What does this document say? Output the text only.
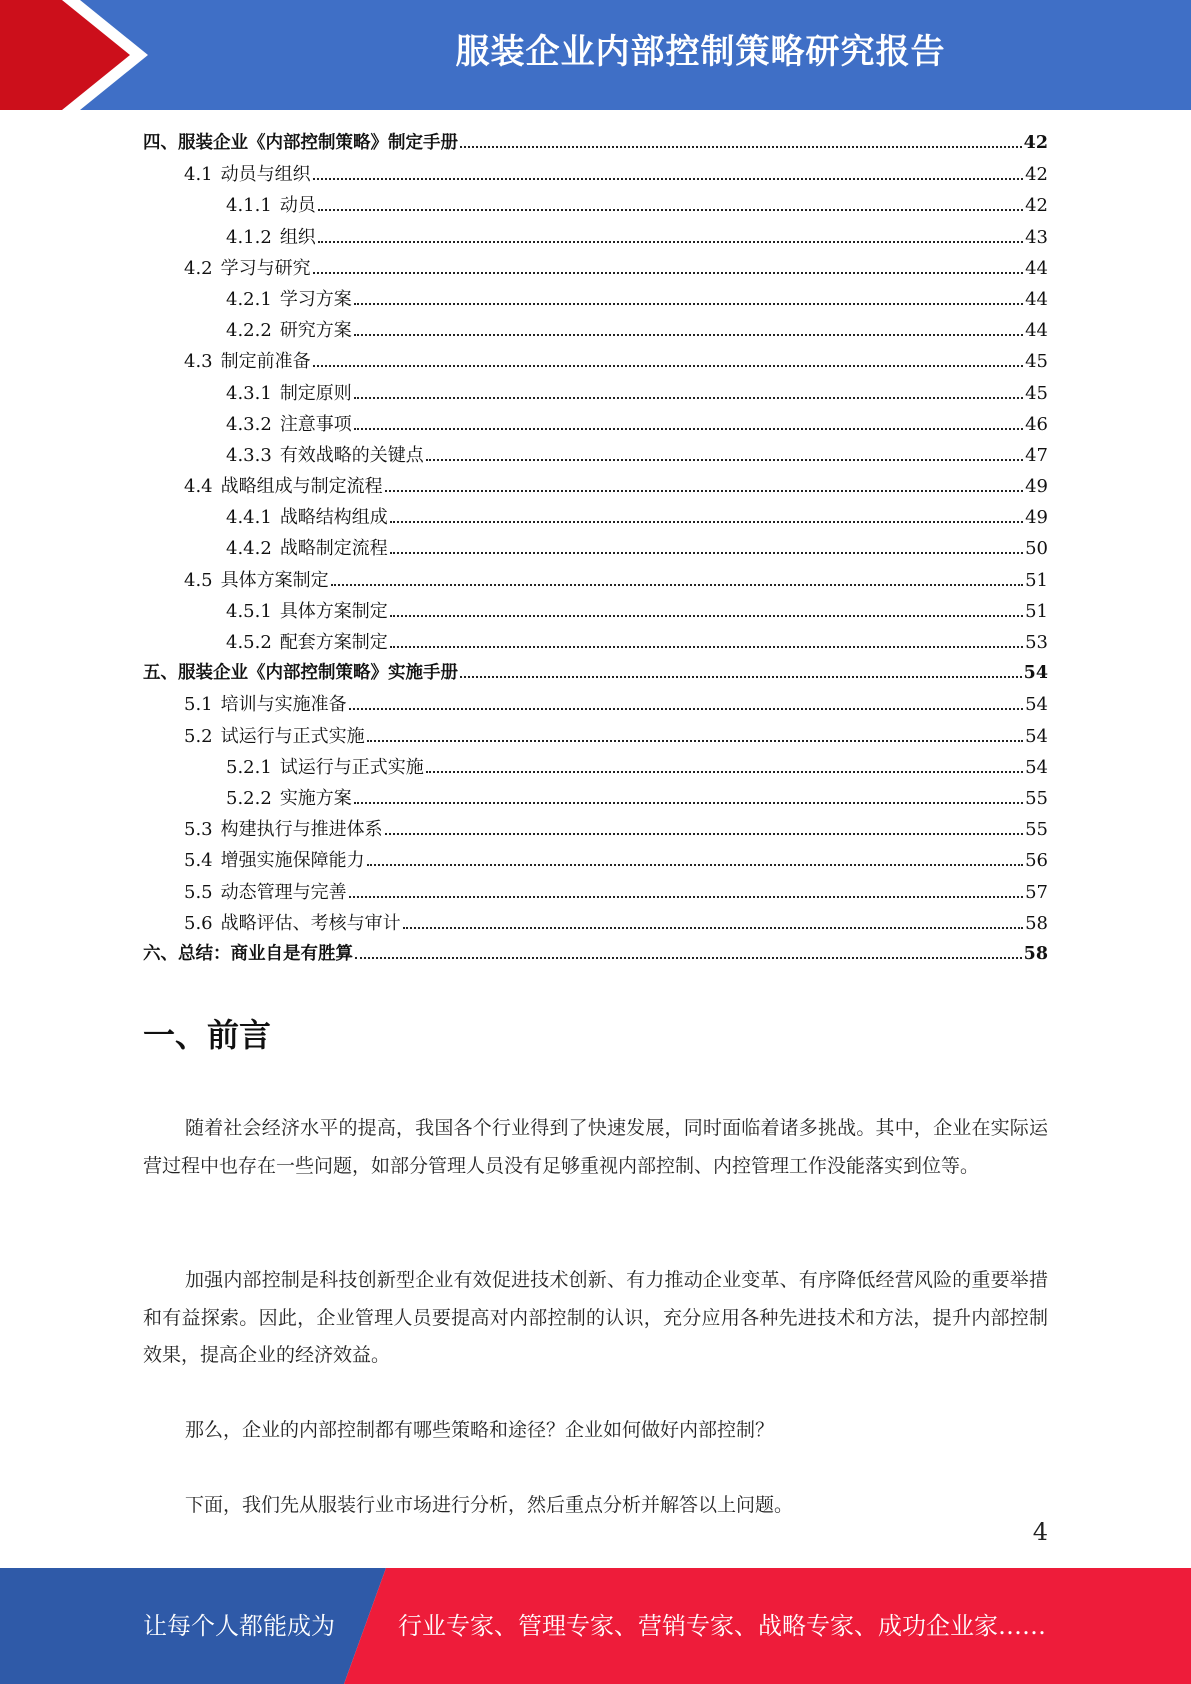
服装企业内部控制策略研究报告
四、服装企业《内部控制策略》制定手册	42
4.1 动员与组织	42
4.1.1 动员	42
4.1.2 组织	43
4.2 学习与研究	44
4.2.1 学习方案	44
4.2.2 研究方案	44
4.3 制定前准备	45
4.3.1 制定原则	45
4.3.2 注意事项	46
4.3.3 有效战略的关键点	47
4.4 战略组成与制定流程	49
4.4.1 战略结构组成	49
4.4.2 战略制定流程	50
4.5 具体方案制定	51
4.5.1 具体方案制定	51
4.5.2 配套方案制定	53
五、服装企业《内部控制策略》实施手册	54
5.1 培训与实施准备	54
5.2 试运行与正式实施	54
5.2.1 试运行与正式实施	54
5.2.2 实施方案	55
5.3 构建执行与推进体系	55
5.4 增强实施保障能力	56
5.5 动态管理与完善	57
5.6 战略评估、考核与审计	58
六、总结：商业自是有胜算	58
一、前言

随着社会经济水平的提高，我国各个行业得到了快速发展，同时面临着诸多挑战。其中，企业在实际运营过程中也存在一些问题，如部分管理人员没有足够重视内部控制、内控管理工作没能落实到位等。

加强内部控制是科技创新型企业有效促进技术创新、有力推动企业变革、有序降低经营风险的重要举措和有益探索。因此，企业管理人员要提高对内部控制的认识，充分应用各种先进技术和方法，提升内部控制效果，提高企业的经济效益。

那么，企业的内部控制都有哪些策略和途径？企业如何做好内部控制？

下面，我们先从服装行业市场进行分析，然后重点分析并解答以上问题。

4
让每个人都能成为	行业专家、管理专家、营销专家、战略专家、成功企业家……
